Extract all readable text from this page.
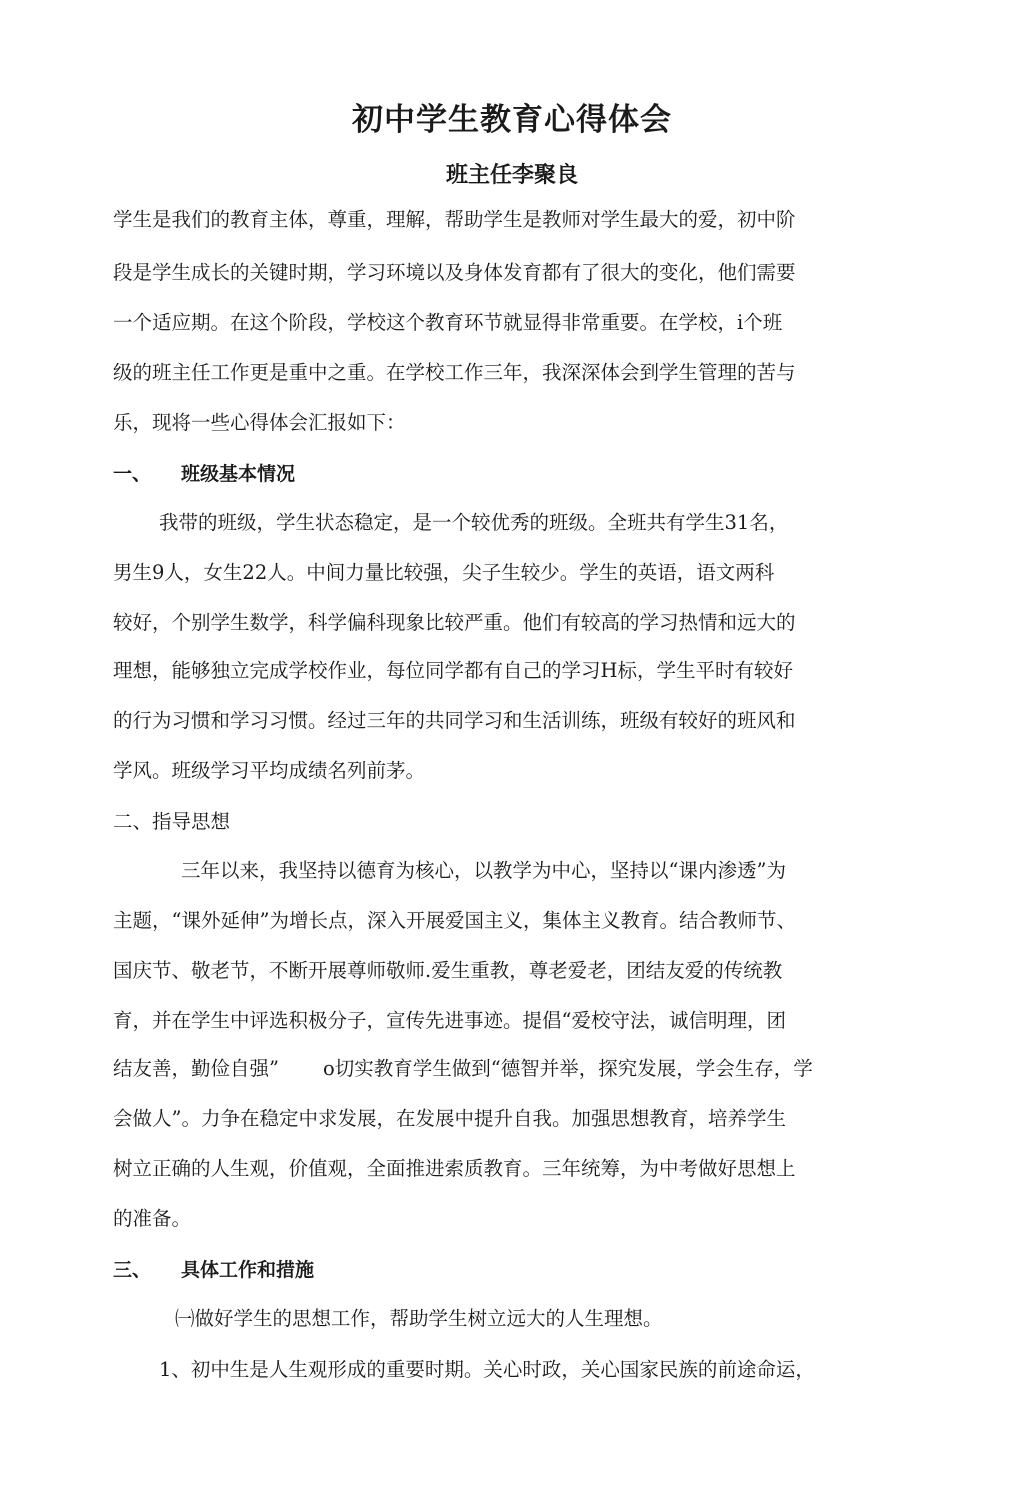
初中学生教育心得体会
班主任李聚良

学生是我们的教育主体，尊重，理解，帮助学生是教师对学生最大的爱，初中阶

段是学生成长的关键时期，学习环境以及身体发育都有了很大的变化，他们需要

一个适应期。在这个阶段，学校这个教育环节就显得非常重要。在学校，i个班

级的班主任工作更是重中之重。在学校工作三年，我深深体会到学生管理的苦与

乐，现将一些心得体会汇报如下：

一、 班级基本情况

我带的班级，学生状态稳定，是一个较优秀的班级。全班共有学生31名，

男生9人，女生22人。中间力量比较强，尖子生较少。学生的英语，语文两科

较好，个别学生数学，科学偏科现象比较严重。他们有较高的学习热情和远大的

理想，能够独立完成学校作业，每位同学都有自己的学习H标，学生平时有较好

的行为习惯和学习习惯。经过三年的共同学习和生活训练，班级有较好的班风和

学风。班级学习平均成绩名列前茅。

二、指导思想

三年以来，我坚持以德育为核心，以教学为中心，坚持以“课内渗透”为

主题，“课外延伸”为增长点，深入开展爱国主义，集体主义教育。结合教师节、

国庆节、敬老节，不断开展尊师敬师.爱生重教，尊老爱老，团结友爱的传统教

育，并在学生中评选积极分子，宣传先进事迹。提倡“爱校守法，诚信明理，团

结友善，勤俭自强” o切实教育学生做到“德智并举，探究发展，学会生存，学

会做人”。力争在稳定中求发展，在发展中提升自我。加强思想教育，培养学生

树立正确的人生观，价值观，全面推进索质教育。三年统筹，为中考做好思想上

的准备。

三、 具体工作和措施

㈠做好学生的思想工作，帮助学生树立远大的人生理想。

1、初中生是人生观形成的重要时期。关心时政，关心国家民族的前途命运，
